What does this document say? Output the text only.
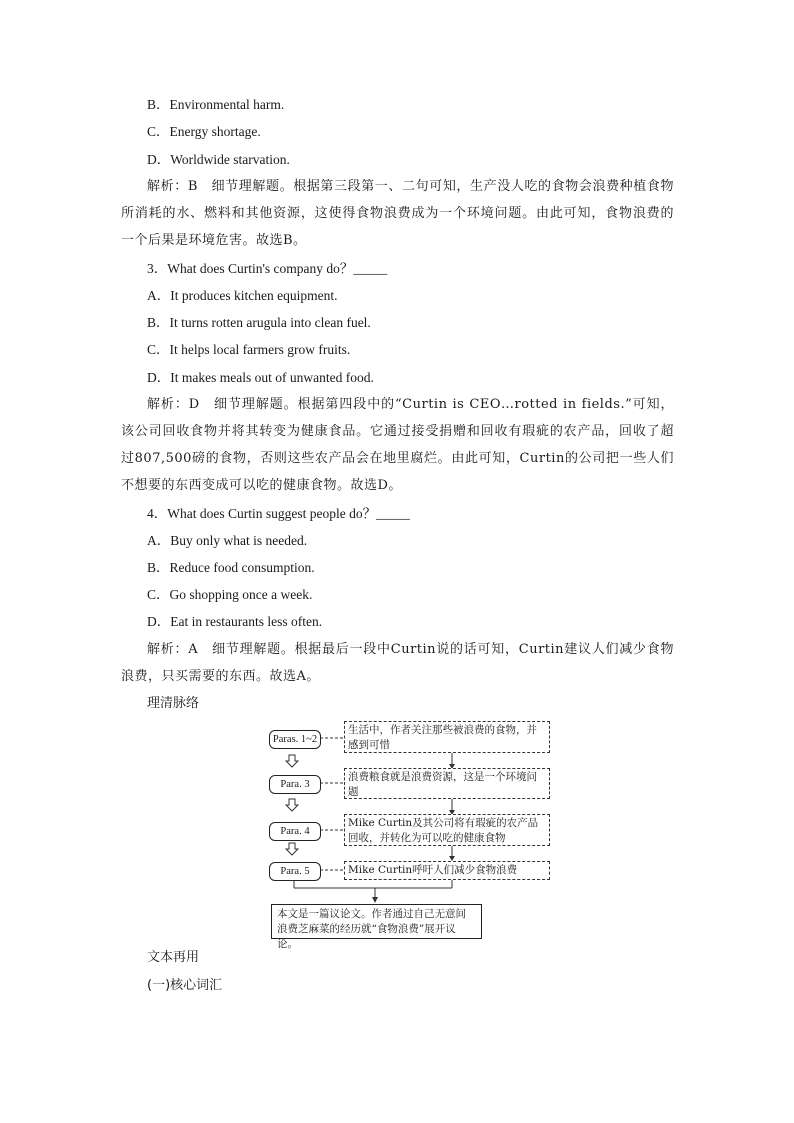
B．Environmental harm.
C．Energy shortage.
D．Worldwide starvation.
解析：B　细节理解题。根据第三段第一、二句可知，生产没人吃的食物会浪费种植食物所消耗的水、燃料和其他资源，这使得食物浪费成为一个环境问题。由此可知，食物浪费的一个后果是环境危害。故选B。
3．What does Curtin's company do？_____
A．It produces kitchen equipment.
B．It turns rotten arugula into clean fuel.
C．It helps local farmers grow fruits.
D．It makes meals out of unwanted food.
解析：D　细节理解题。根据第四段中的“Curtin is CEO…rotted in fields.”可知，该公司回收食物并将其转变为健康食品。它通过接受捐赠和回收有瑕疵的农产品，回收了超过807,500磅的食物，否则这些农产品会在地里腐烂。由此可知，Curtin的公司把一些人们不想要的东西变成可以吃的健康食物。故选D。
4．What does Curtin suggest people do？_____
A．Buy only what is needed.
B．Reduce food consumption.
C．Go shopping once a week.
D．Eat in restaurants less often.
解析：A　细节理解题。根据最后一段中Curtin说的话可知，Curtin建议人们减少食物浪费，只买需要的东西。故选A。
理清脉络
Paras. 1~2
Para. 3
Para. 4
Para. 5
生活中，作者关注那些被浪费的食物，并感到可惜
浪费粮食就是浪费资源，这是一个环境问题
Mike Curtin及其公司将有瑕疵的农产品回收，并转化为可以吃的健康食物
Mike Curtin呼吁人们减少食物浪费
本文是一篇议论文。作者通过自己无意间浪费芝麻菜的经历就“食物浪费”展开议论。
文本再用
(一)核心词汇
